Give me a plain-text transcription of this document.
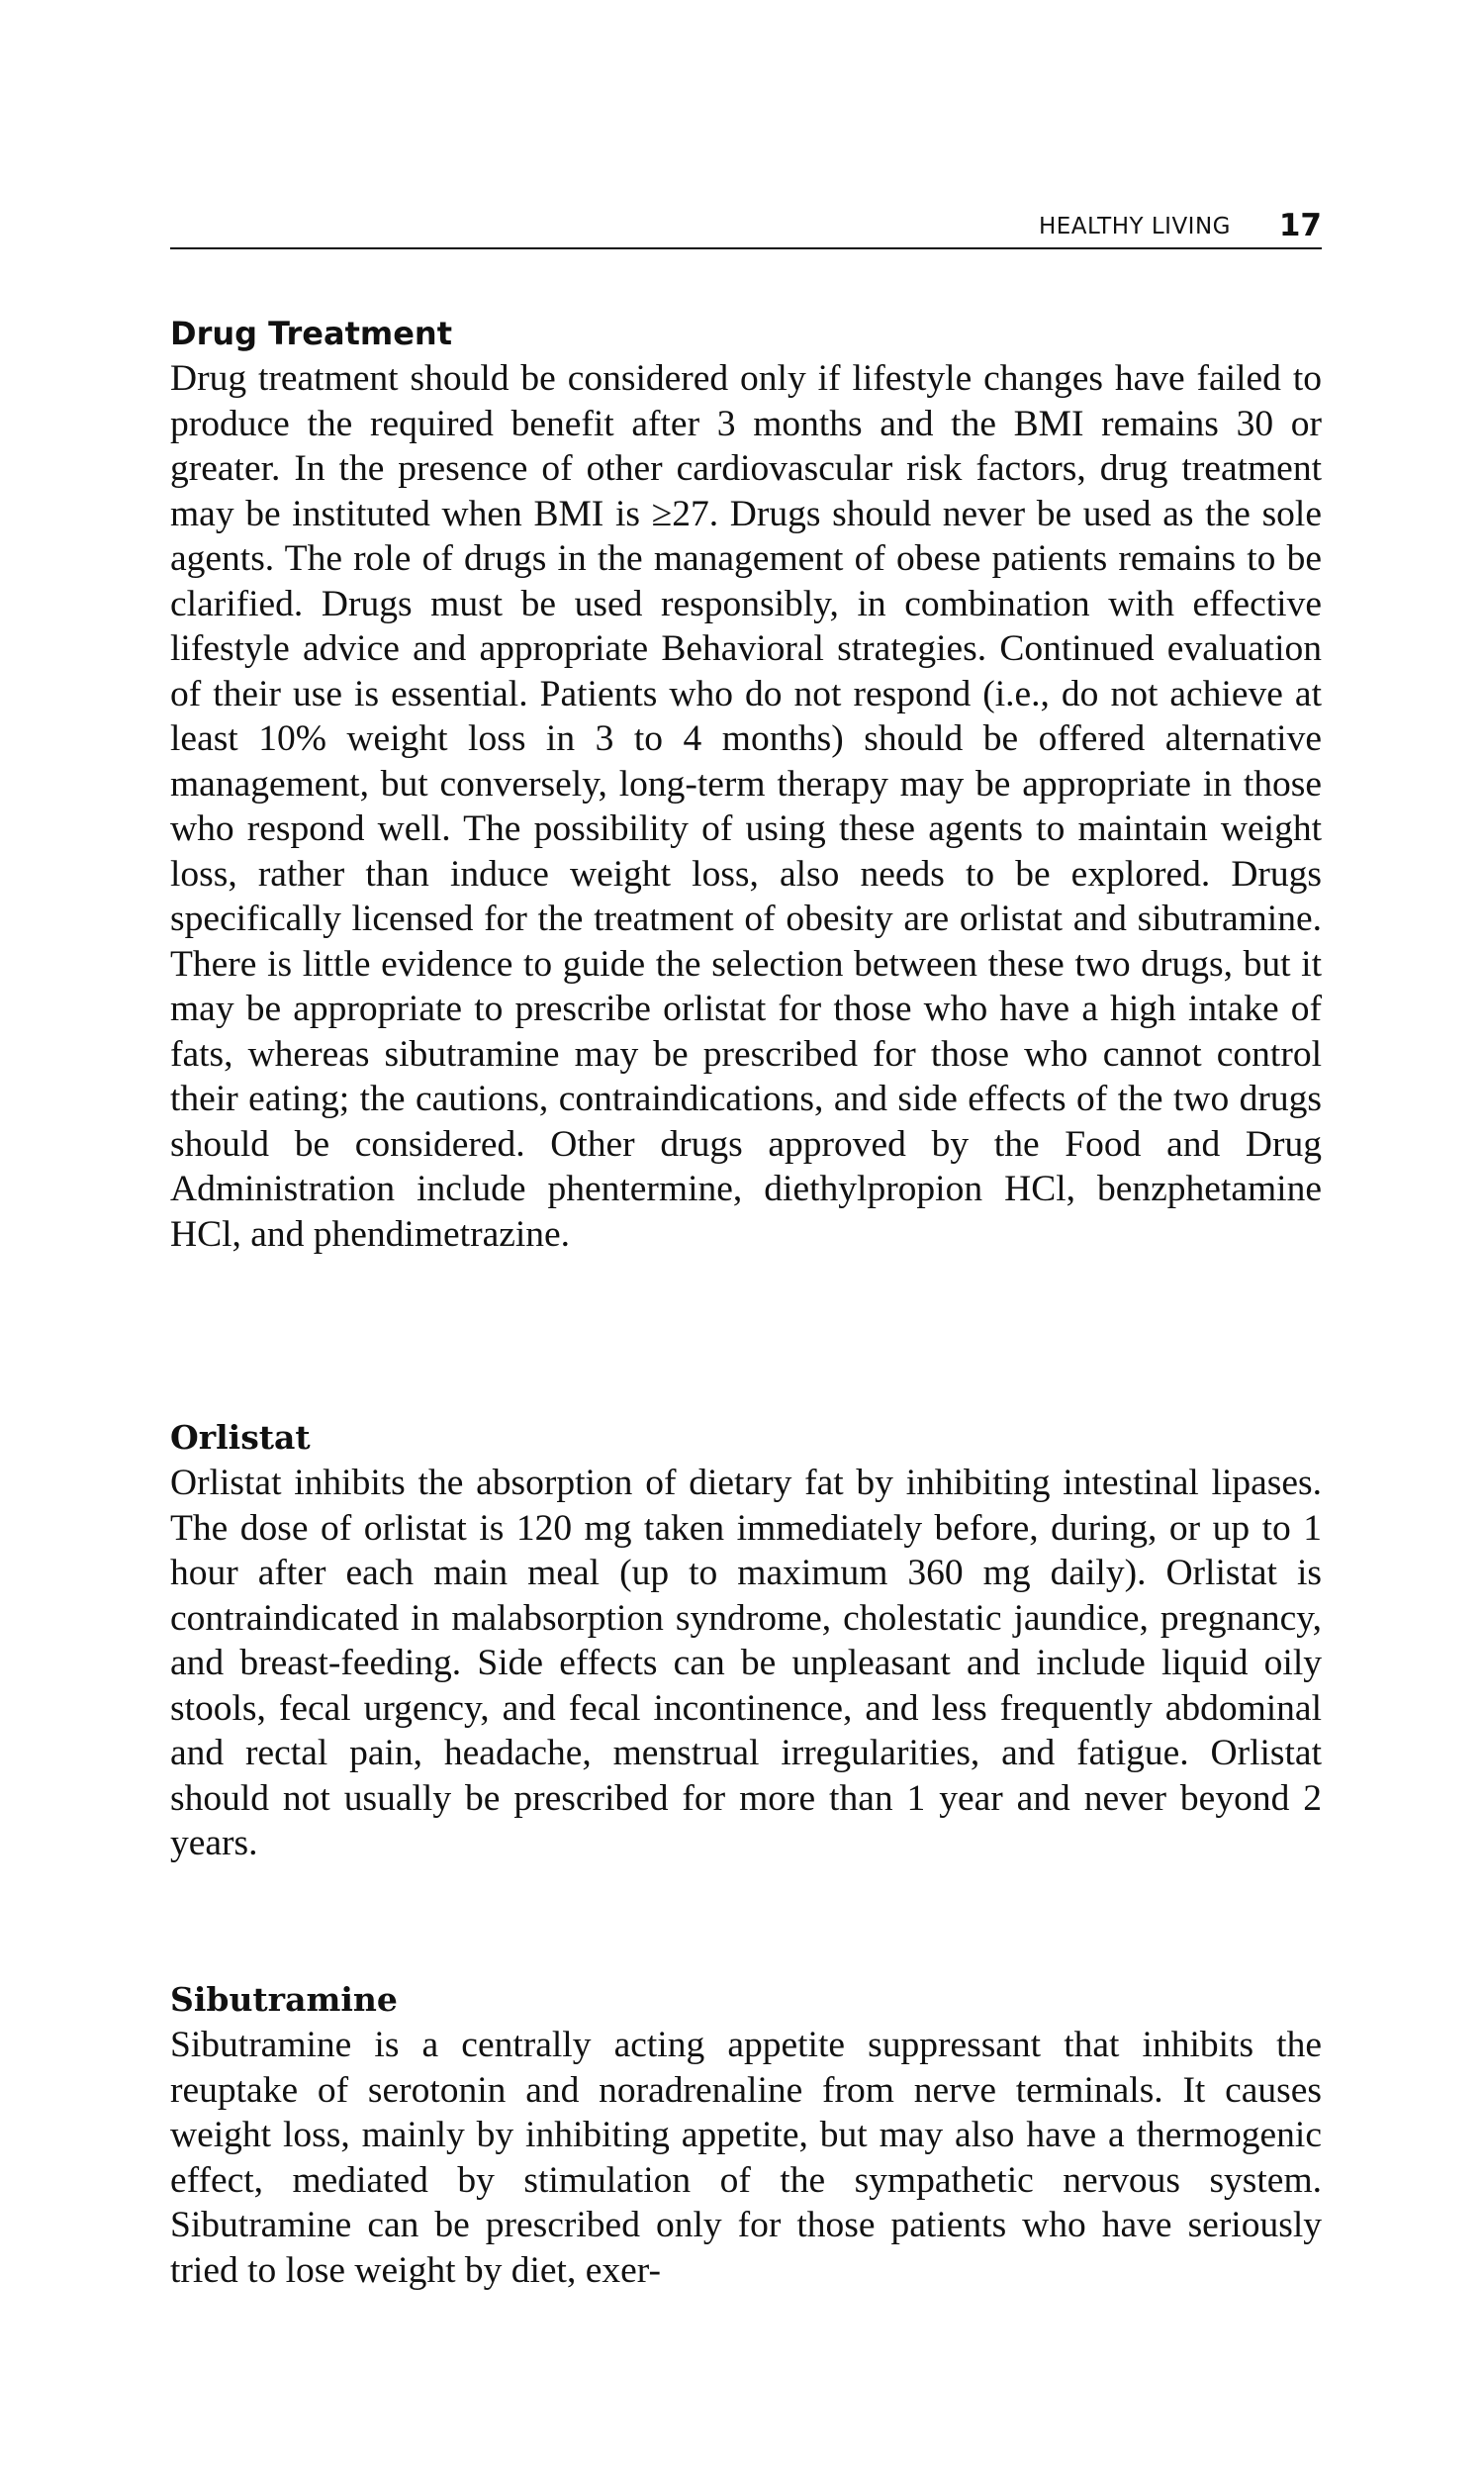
HEALTHY LIVING 17
Drug Treatment

Drug treatment should be considered only if lifestyle changes have failed to produce the required benefit after 3 months and the BMI remains 30 or greater. In the presence of other cardiovascular risk factors, drug treatment may be instituted when BMI is ≥27. Drugs should never be used as the sole agents. The role of drugs in the management of obese patients remains to be clarified. Drugs must be used responsibly, in combination with effective lifestyle advice and appropriate Behavioral strategies. Continued evaluation of their use is essential. Patients who do not respond (i.e., do not achieve at least 10% weight loss in 3 to 4 months) should be offered alternative management, but conversely, long-term therapy may be appropriate in those who respond well. The possibility of using these agents to maintain weight loss, rather than induce weight loss, also needs to be explored. Drugs specifically licensed for the treatment of obesity are orlistat and sibutramine. There is little evidence to guide the selection between these two drugs, but it may be appropriate to prescribe orlistat for those who have a high intake of fats, whereas sibutramine may be prescribed for those who cannot control their eating; the cautions, contraindications, and side effects of the two drugs should be considered. Other drugs approved by the Food and Drug Administration include phentermine, diethylpropion HCl, benzphetamine HCl, and phendimetrazine.

Orlistat

Orlistat inhibits the absorption of dietary fat by inhibiting intestinal lipases. The dose of orlistat is 120 mg taken immediately before, during, or up to 1 hour after each main meal (up to maximum 360 mg daily). Orlistat is contraindicated in malabsorption syndrome, cholestatic jaundice, pregnancy, and breast-feeding. Side effects can be unpleasant and include liquid oily stools, fecal urgency, and fecal incontinence, and less frequently abdominal and rectal pain, headache, menstrual irregularities, and fatigue. Orlistat should not usually be prescribed for more than 1 year and never beyond 2 years.

Sibutramine

Sibutramine is a centrally acting appetite suppressant that inhibits the reuptake of serotonin and noradrenaline from nerve terminals. It causes weight loss, mainly by inhibiting appetite, but may also have a thermogenic effect, mediated by stimulation of the sympathetic nervous system. Sibutramine can be prescribed only for those patients who have seriously tried to lose weight by diet, exer-
